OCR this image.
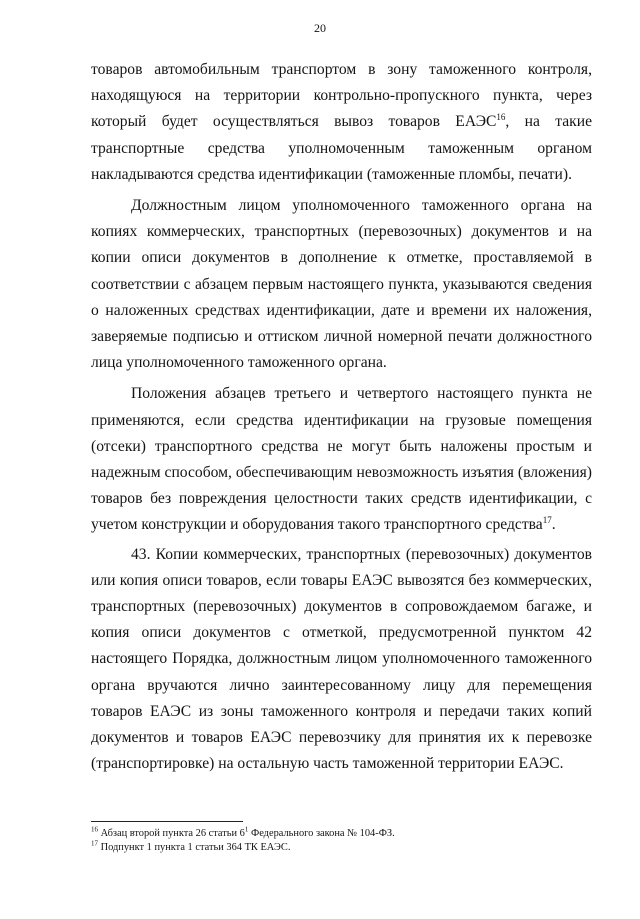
20

товаров автомобильным транспортом в зону таможенного контроля, находящуюся на территории контрольно-пропускного пункта, через который будет осуществляться вывоз товаров ЕАЭС$^{16}$, на такие транспортные средства уполномоченным таможенным органом накладываются средства идентификации (таможенные пломбы, печати).

Должностным лицом уполномоченного таможенного органа на копиях коммерческих, транспортных (перевозочных) документов и на копии описи документов в дополнение к отметке, проставляемой в соответствии с абзацем первым настоящего пункта, указываются сведения о наложенных средствах идентификации, дате и времени их наложения, заверяемые подписью и оттиском личной номерной печати должностного лица уполномоченного таможенного органа.

Положения абзацев третьего и четвертого настоящего пункта не применяются, если средства идентификации на грузовые помещения (отсеки) транспортного средства не могут быть наложены простым и надежным способом, обеспечивающим невозможность изъятия (вложения) товаров без повреждения целостности таких средств идентификации, с учетом конструкции и оборудования такого транспортного средства$^{17}$.

43. Копии коммерческих, транспортных (перевозочных) документов или копия описи товаров, если товары ЕАЭС вывозятся без коммерческих, транспортных (перевозочных) документов в сопровождаемом багаже, и копия описи документов с отметкой, предусмотренной пунктом 42 настоящего Порядка, должностным лицом уполномоченного таможенного органа вручаются лично заинтересованному лицу для перемещения товаров ЕАЭС из зоны таможенного контроля и передачи таких копий документов и товаров ЕАЭС перевозчику для принятия их к перевозке (транспортировке) на остальную часть таможенной территории ЕАЭС.

$^{16}$ Абзац второй пункта 26 статьи $6^1$ Федерального закона № 104-ФЗ.

$^{17}$ Подпункт 1 пункта 1 статьи 364 ТК ЕАЭС.
